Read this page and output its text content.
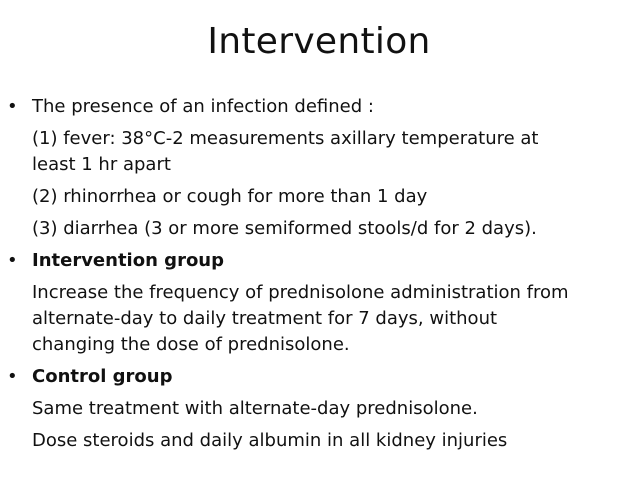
Intervention
• The presence of an infection defined :
(1) fever: 38°C-2 measurements axillary temperature at
least 1 hr apart
(2) rhinorrhea or cough for more than 1 day
(3) diarrhea (3 or more semiformed stools/d for 2 days).
• Intervention group
Increase the frequency of prednisolone administration from
alternate-day to daily treatment for 7 days, without
changing the dose of prednisolone.
• Control group
Same treatment with alternate-day prednisolone.
Dose steroids and daily albumin in all kidney injuries
